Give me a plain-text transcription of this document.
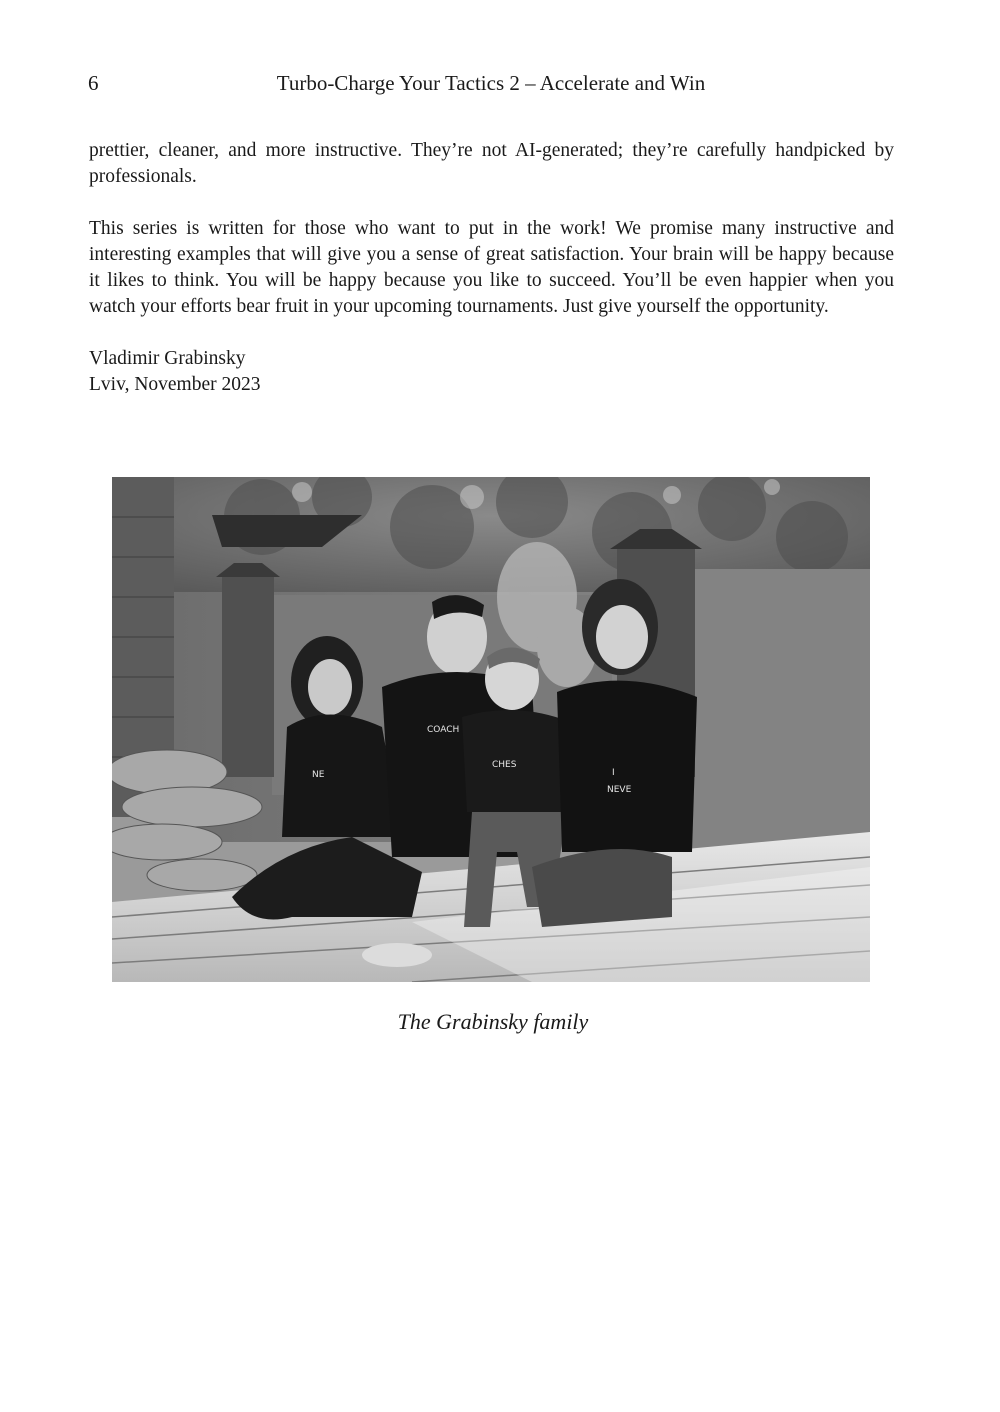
6	Turbo-Charge Your Tactics 2 – Accelerate and Win

prettier, cleaner, and more instructive. They’re not AI-generated; they’re carefully handpicked by professionals.

This series is written for those who want to put in the work! We promise many instructive and interesting examples that will give you a sense of great satisfaction. Your brain will be happy because it likes to think. You will be happy because you like to succeed. You’ll be even happier when you watch your efforts bear fruit in your upcoming tournaments. Just give yourself the opportunity.

Vladimir Grabinsky
Lviv, November 2023
COACH
CHES
I
NEVE
NE
The Grabinsky family
